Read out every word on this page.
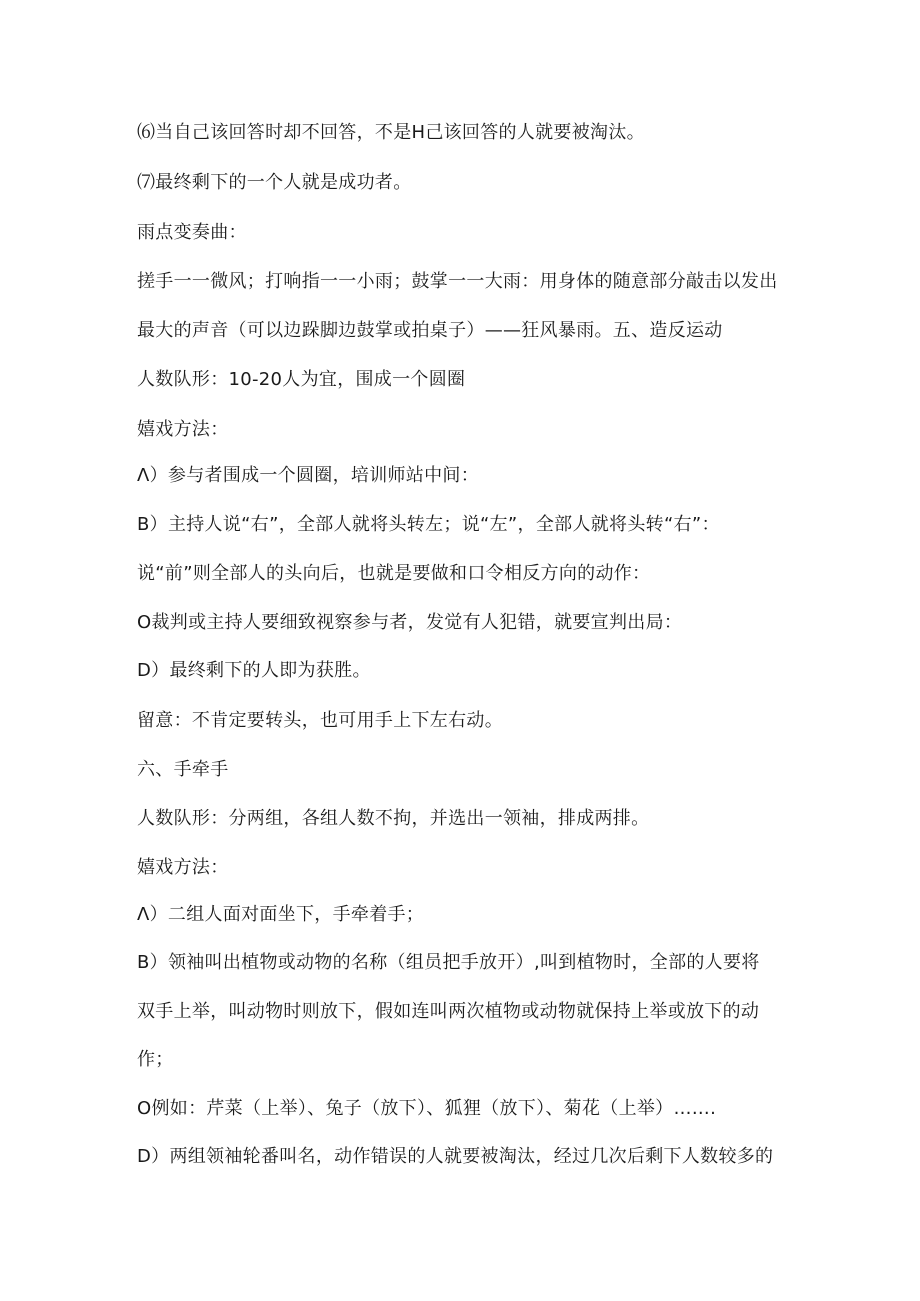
⑹当自己该回答时却不回答，不是H己该回答的人就要被淘汰。
⑺最终剩下的一个人就是成功者。
雨点变奏曲：
搓手一一微风；打响指一一小雨；鼓掌一一大雨：用身体的随意部分敲击以发出
最大的声音（可以边跺脚边鼓掌或拍桌子）——狂风暴雨。五、造反运动
人数队形：10-20人为宜，围成一个圆圈
嬉戏方法：
Λ）参与者围成一个圆圈，培训师站中间：
B）主持人说“右”，全部人就将头转左；说“左”，全部人就将头转“右”：
说“前”则全部人的头向后，也就是要做和口令相反方向的动作：
O裁判或主持人要细致视察参与者，发觉有人犯错，就要宣判出局：
D）最终剩下的人即为获胜。
留意：不肯定要转头，也可用手上下左右动。
六、手牵手
人数队形：分两组，各组人数不拘，并选出一领袖，排成两排。
嬉戏方法：
Λ）二组人面对面坐下，手牵着手；
B）领袖叫出植物或动物的名称（组员把手放开）,叫到植物时，全部的人要将
双手上举，叫动物时则放下，假如连叫两次植物或动物就保持上举或放下的动
作；
O例如：芹菜（上举）、兔子（放下）、狐狸（放下）、菊花（上举）…….
D）两组领袖轮番叫名，动作错误的人就要被淘汰，经过几次后剩下人数较多的
